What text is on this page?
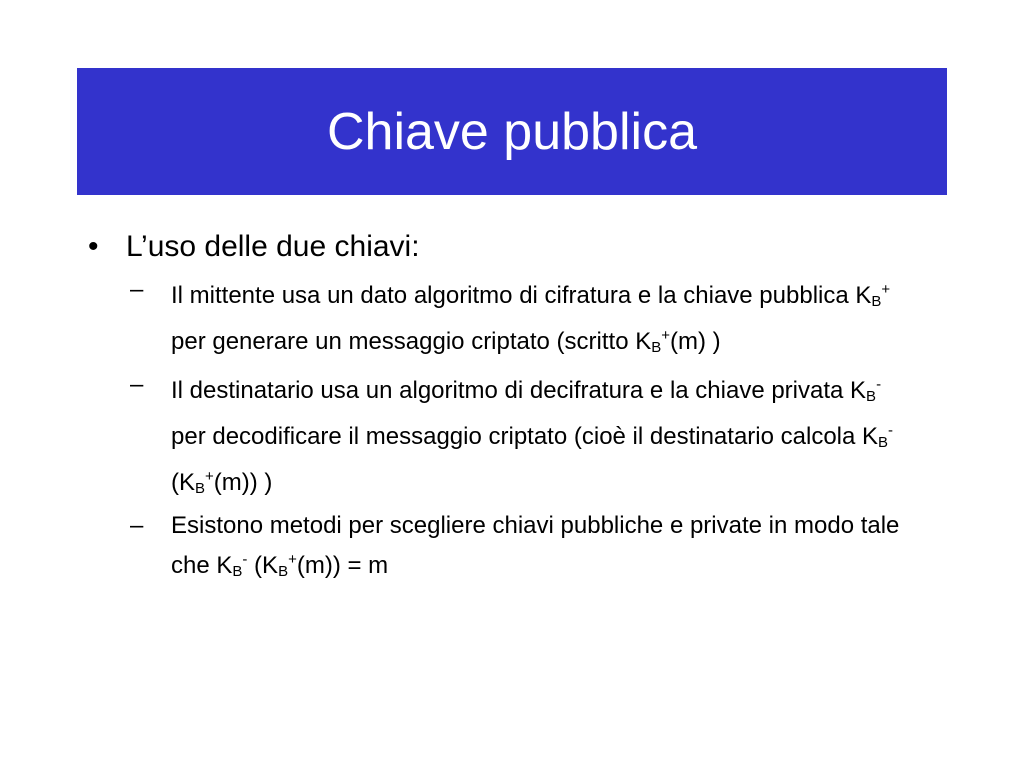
Chiave pubblica
• L’uso delle due chiavi:
–	Il mittente usa un dato algoritmo di cifratura e la chiave pubblica $K_B^+$ per generare un messaggio criptato (scritto $K_B^+(m)$ )
–	Il destinatario usa un algoritmo di decifratura e la chiave privata $K_B^-$ per decodificare il messaggio criptato (cioè il destinatario calcola $K_B^-$ $(K_B^+(m))$ )
–	Esistono metodi per scegliere chiavi pubbliche e private in modo tale che $K_B^-$ $(K_B^+(m)) = m$
